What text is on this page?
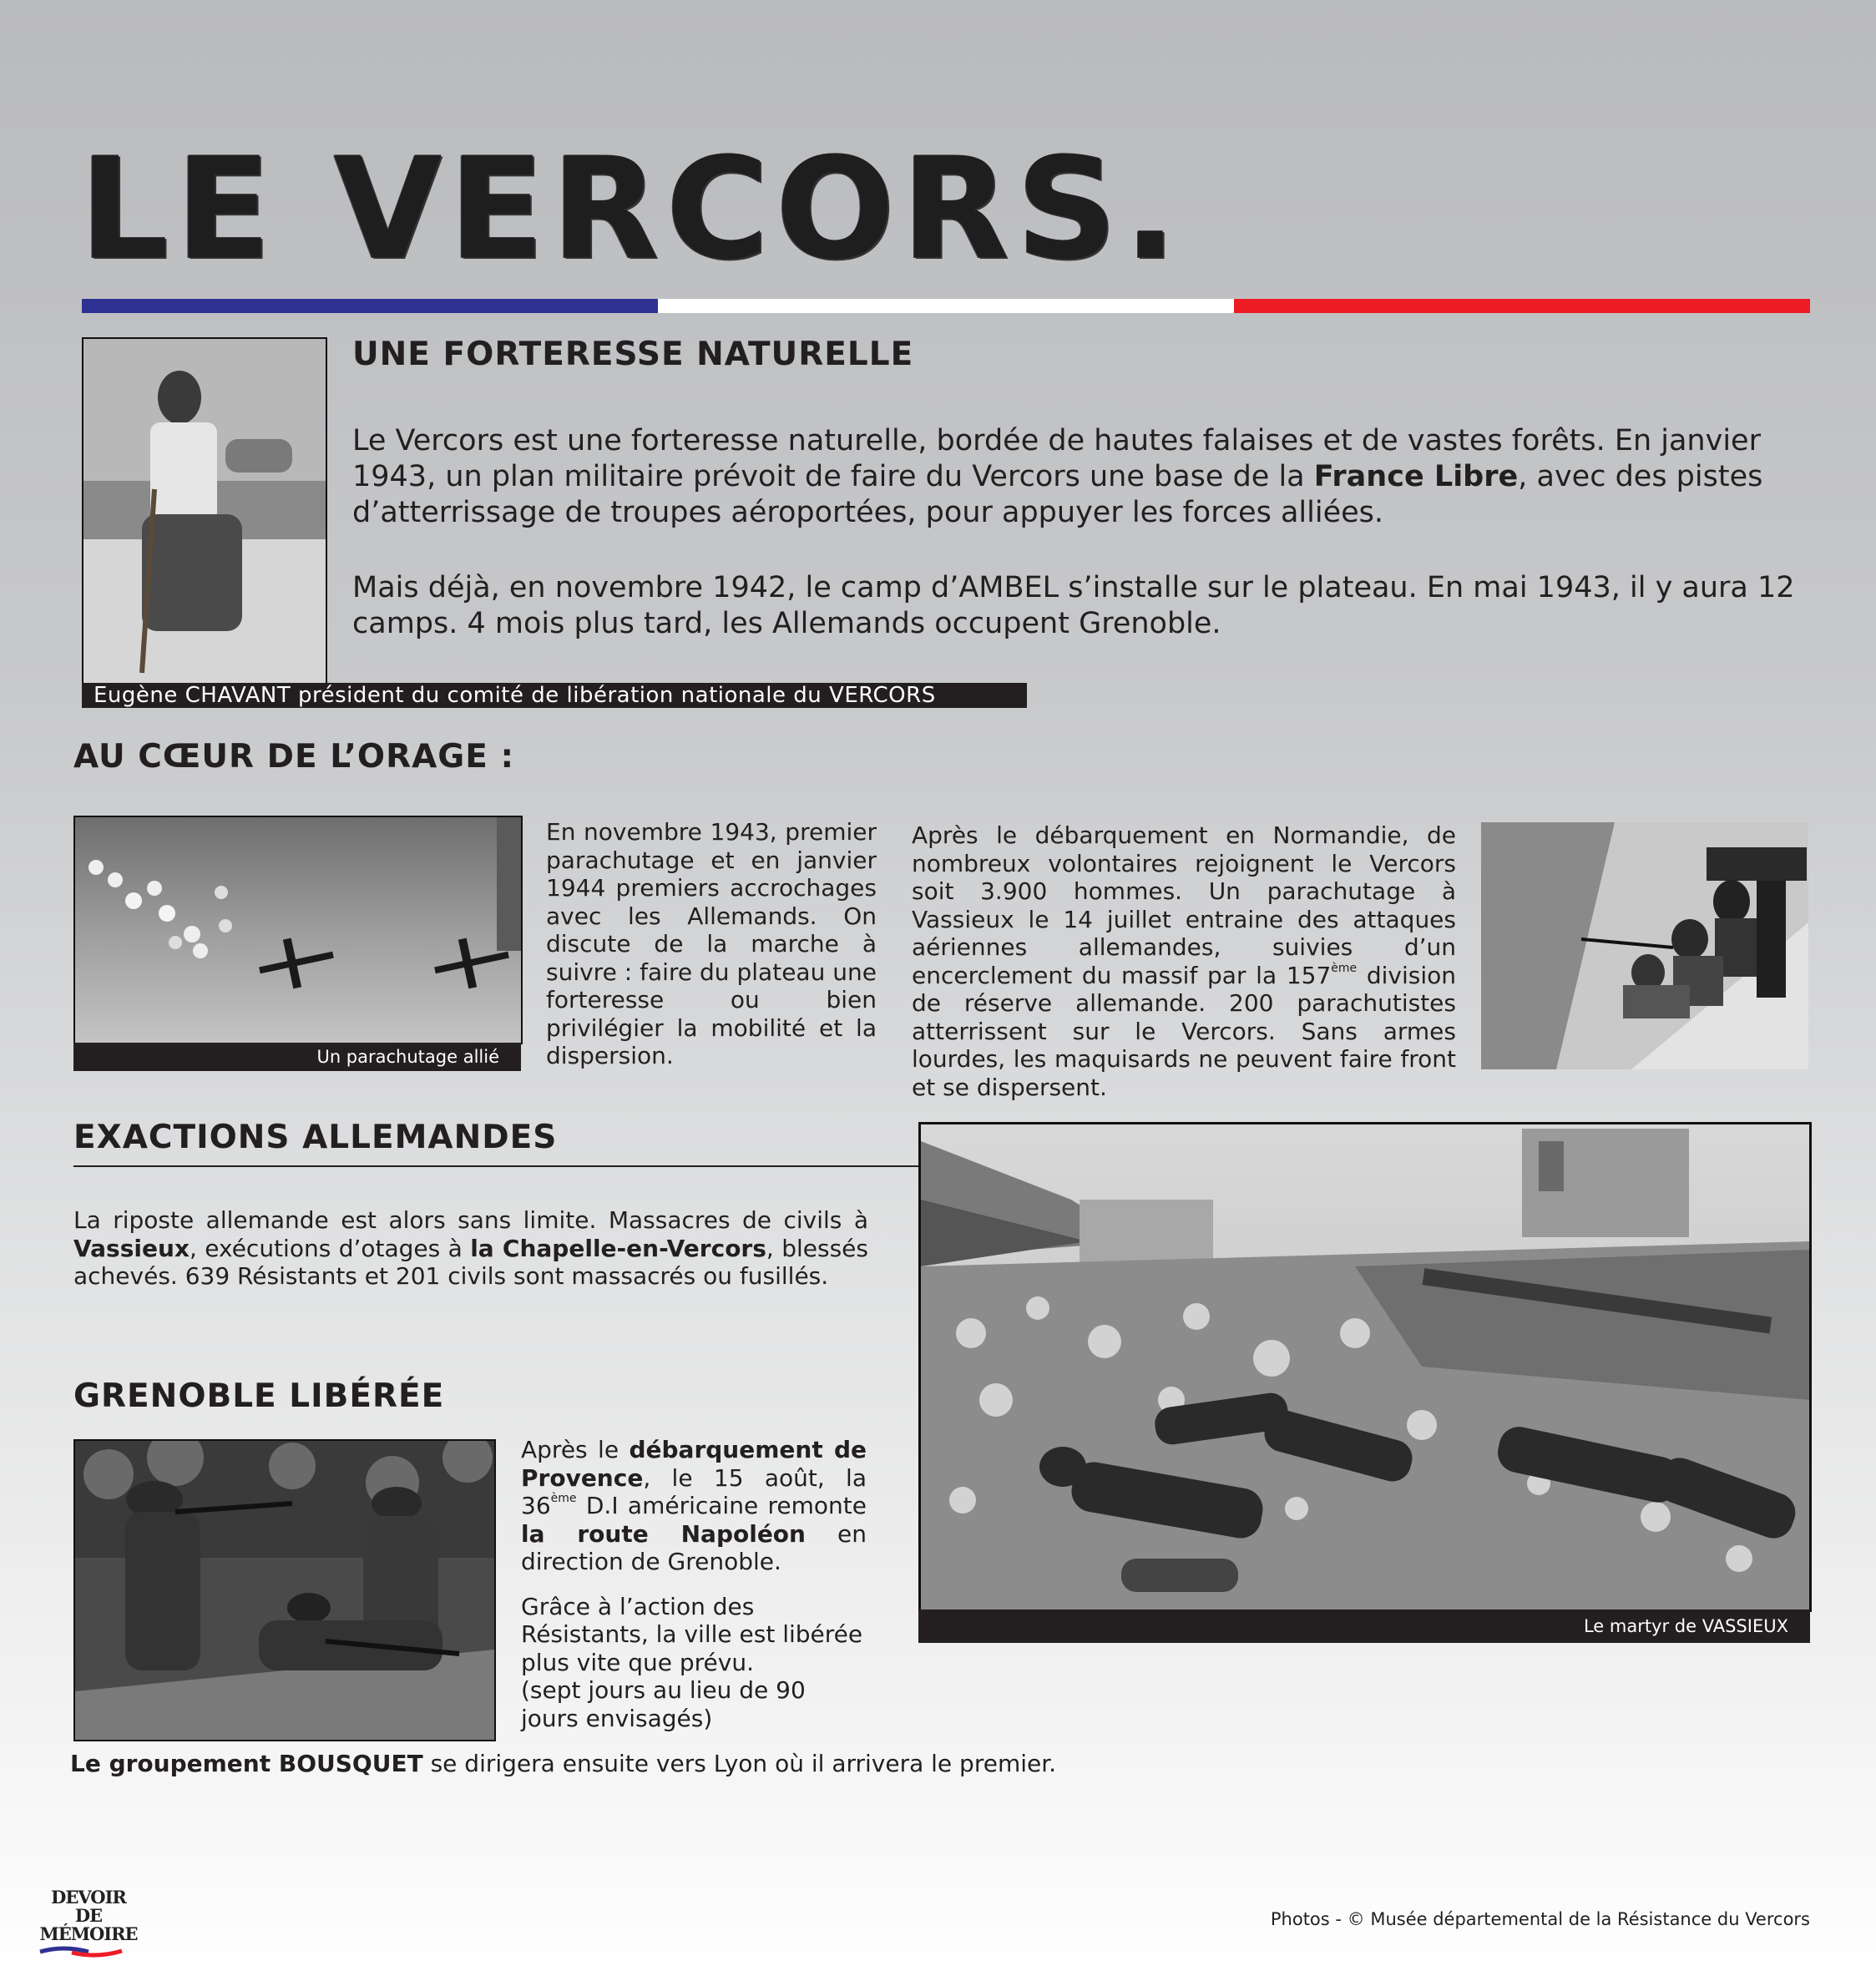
LE VERCORS.
Eugène CHAVANT président du comité de libération nationale du VERCORS
UNE FORTERESSE NATURELLE

Le Vercors est une forteresse naturelle, bordée de hautes falaises et de vastes forêts. En janvier 1943, un plan militaire prévoit de faire du Vercors une base de la France Libre, avec des pistes d’atterrissage de troupes aéroportées, pour appuyer les forces alliées.

Mais déjà, en novembre 1942, le camp d’AMBEL s’installe sur le plateau. En mai 1943, il y aura 12 camps. 4 mois plus tard, les Allemands occupent Grenoble.

AU CŒUR DE L’ORAGE :
Un parachutage allié

En novembre 1943, premier parachutage et en janvier 1944 premiers accrochages avec les Allemands. On discute de la marche à suivre : faire du plateau une forteresse ou bien privilégier la mobilité et la dispersion.

Après le débarquement en Normandie, de nombreux volontaires rejoignent le Vercors soit 3.900 hommes. Un parachutage à Vassieux le 14 juillet entraine des attaques aériennes allemandes, suivies d’un encerclement du massif par la 157ème division de réserve allemande. 200 parachutistes atterrissent sur le Vercors. Sans armes lourdes, les maquisards ne peuvent faire front et se dispersent.

EXACTIONS ALLEMANDES

La riposte allemande est alors sans limite. Massacres de civils à Vassieux, exécutions d’otages à la Chapelle-en-Vercors, blessés achevés. 639 Résistants et 201 civils sont massacrés ou fusillés.

Le martyr de VASSIEUX
GRENOBLE LIBÉRÉE

Après le débarquement de Provence, le 15 août, la 36ème D.I américaine remonte la route Napoléon en direction de Grenoble.

Grâce à l’action des Résistants, la ville est libérée plus vite que prévu.

(sept jours au lieu de 90 jours envisagés)

Le groupement BOUSQUET se dirigera ensuite vers Lyon où il arrivera le premier.

DEVOIR DE
MÉMOIRE
Photos - © Musée départemental de la Résistance du Vercors
